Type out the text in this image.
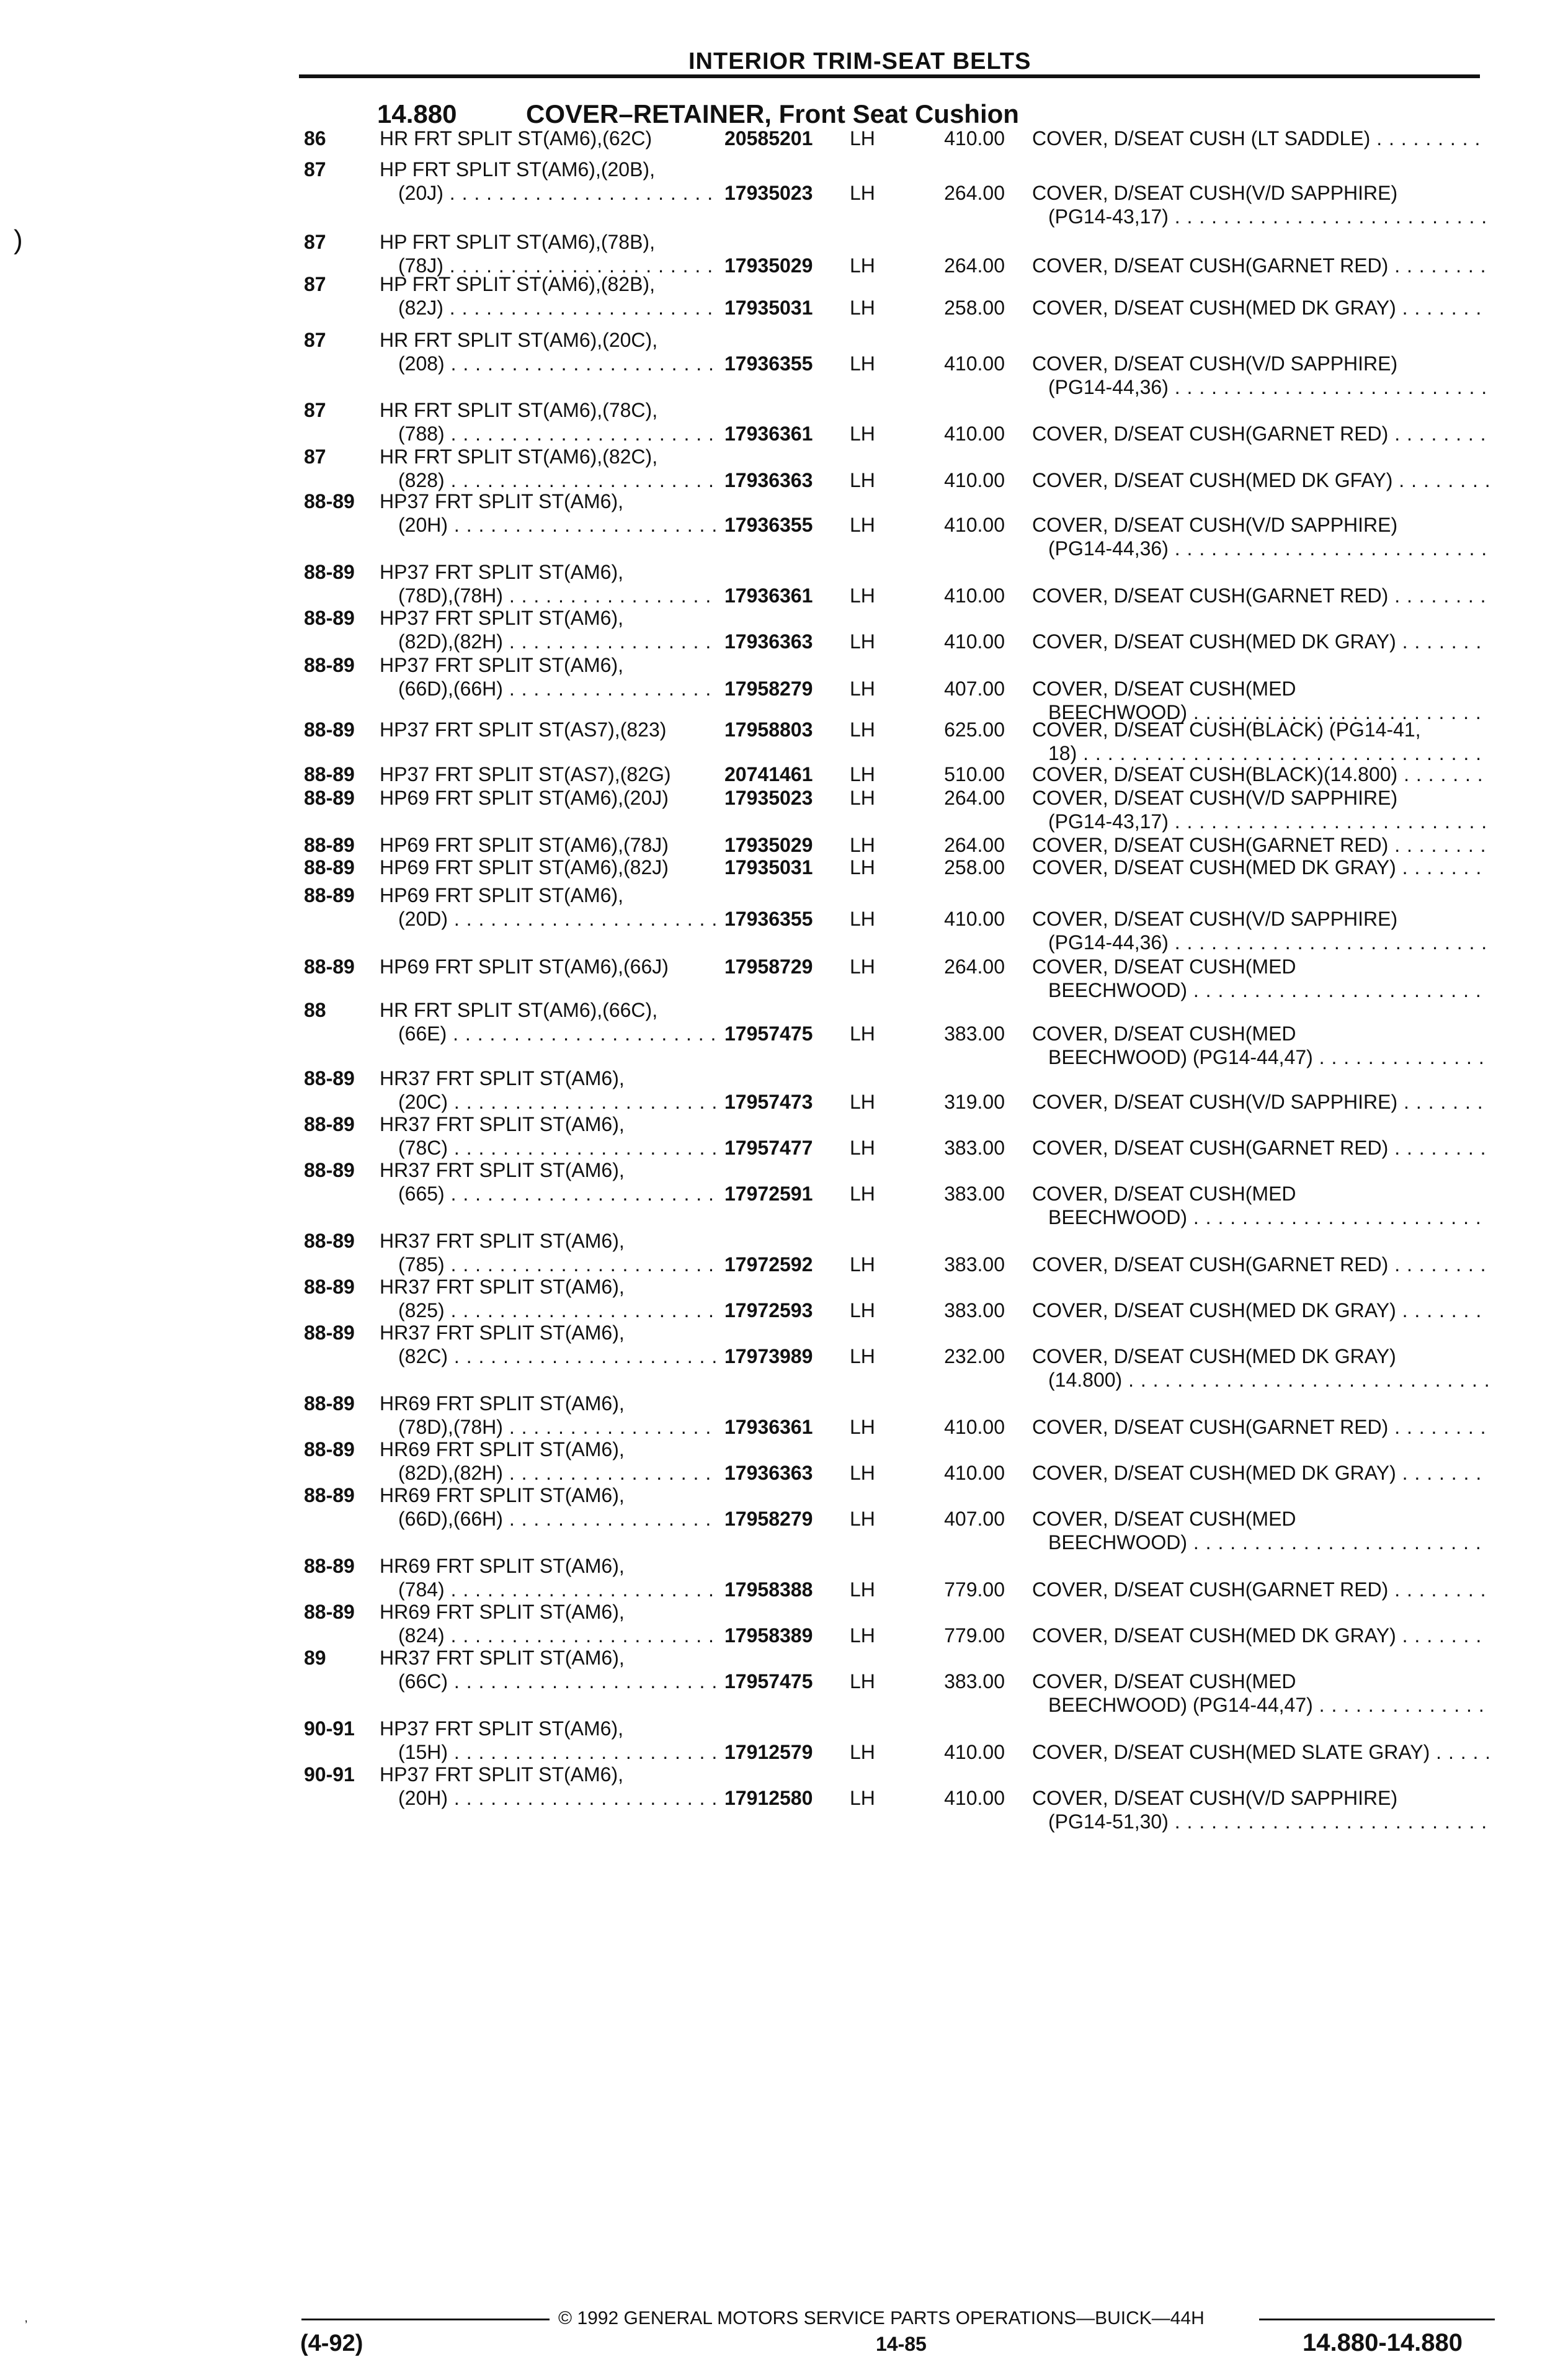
INTERIOR TRIM-SEAT BELTS
14.880	COVER–RETAINER, Front Seat Cushion
)
ʼ
86	HR FRT SPLIT ST(AM6),(62C)	20585201 LH	410.00 COVER, D/SEAT CUSH (LT SADDLE) . . .
87	HP FRT SPLIT ST(AM6),(20B),
(20J) . . .	17935023 LH	264.00 COVER, D/SEAT CUSH(V/D SAPPHIRE)
(PG14-43,17) . . .
87	HP FRT SPLIT ST(AM6),(78B),
(78J) . . .	17935029 LH	264.00 COVER, D/SEAT CUSH(GARNET RED) . . .
87	HP FRT SPLIT ST(AM6),(82B),
(82J) . . .	17935031 LH	258.00 COVER, D/SEAT CUSH(MED DK GRAY) . . .
87	HR FRT SPLIT ST(AM6),(20C),
(208) . . .	17936355 LH	410.00 COVER, D/SEAT CUSH(V/D SAPPHIRE)
(PG14-44,36) . . .
87	HR FRT SPLIT ST(AM6),(78C),
(788) . . .	17936361 LH	410.00 COVER, D/SEAT CUSH(GARNET RED) . . .
87	HR FRT SPLIT ST(AM6),(82C),
(828) . . .	17936363 LH	410.00 COVER, D/SEAT CUSH(MED DK GFAY) . . .
88-89 HP37 FRT SPLIT ST(AM6),
(20H) . . .	17936355 LH	410.00 COVER, D/SEAT CUSH(V/D SAPPHIRE)
(PG14-44,36) . . .
88-89 HP37 FRT SPLIT ST(AM6),
(78D),(78H) . . .	17936361 LH	410.00 COVER, D/SEAT CUSH(GARNET RED) . . .
88-89 HP37 FRT SPLIT ST(AM6),
(82D),(82H) . . .	17936363 LH	410.00 COVER, D/SEAT CUSH(MED DK GRAY) . . .
88-89 HP37 FRT SPLIT ST(AM6),
(66D),(66H) . . .	17958279 LH	407.00 COVER, D/SEAT CUSH(MED
BEECHWOOD) . . .
88-89 HP37 FRT SPLIT ST(AS7),(823)	17958803 LH	625.00 COVER, D/SEAT CUSH(BLACK) (PG14-41,
18) . . .
88-89 HP37 FRT SPLIT ST(AS7),(82G)	20741461 LH	510.00 COVER, D/SEAT CUSH(BLACK)(14.800) . . .
88-89 HP69 FRT SPLIT ST(AM6),(20J)	17935023 LH	264.00 COVER, D/SEAT CUSH(V/D SAPPHIRE)
(PG14-43,17) . . .
88-89 HP69 FRT SPLIT ST(AM6),(78J)	17935029 LH	264.00 COVER, D/SEAT CUSH(GARNET RED) . . .
88-89 HP69 FRT SPLIT ST(AM6),(82J)	17935031 LH	258.00 COVER, D/SEAT CUSH(MED DK GRAY) . . .
88-89 HP69 FRT SPLIT ST(AM6),
(20D) . . .	17936355 LH	410.00 COVER, D/SEAT CUSH(V/D SAPPHIRE)
(PG14-44,36) . . .
88-89 HP69 FRT SPLIT ST(AM6),(66J)	17958729 LH	264.00 COVER, D/SEAT CUSH(MED
BEECHWOOD) . . .
88	HR FRT SPLIT ST(AM6),(66C),
(66E) . . .	17957475 LH	383.00 COVER, D/SEAT CUSH(MED
BEECHWOOD) (PG14-44,47) . . .
88-89 HR37 FRT SPLIT ST(AM6),
(20C) . . .	17957473 LH	319.00 COVER, D/SEAT CUSH(V/D SAPPHIRE) . . .
88-89 HR37 FRT SPLIT ST(AM6),
(78C) . . .	17957477 LH	383.00 COVER, D/SEAT CUSH(GARNET RED) . . .
88-89 HR37 FRT SPLIT ST(AM6),
(665) . . .	17972591 LH	383.00 COVER, D/SEAT CUSH(MED
BEECHWOOD) . . .
88-89 HR37 FRT SPLIT ST(AM6),
(785) . . .	17972592 LH	383.00 COVER, D/SEAT CUSH(GARNET RED) . . .
88-89 HR37 FRT SPLIT ST(AM6),
(825) . . .	17972593 LH	383.00 COVER, D/SEAT CUSH(MED DK GRAY) . . .
88-89 HR37 FRT SPLIT ST(AM6),
(82C) . . .	17973989 LH	232.00 COVER, D/SEAT CUSH(MED DK GRAY)
(14.800) . . .
88-89 HR69 FRT SPLIT ST(AM6),
(78D),(78H) . . .	17936361 LH	410.00 COVER, D/SEAT CUSH(GARNET RED) . . .
88-89 HR69 FRT SPLIT ST(AM6),
(82D),(82H) . . .	17936363 LH	410.00 COVER, D/SEAT CUSH(MED DK GRAY) . . .
88-89 HR69 FRT SPLIT ST(AM6),
(66D),(66H) . . .	17958279 LH	407.00 COVER, D/SEAT CUSH(MED
BEECHWOOD) . . .
88-89 HR69 FRT SPLIT ST(AM6),
(784) . . .	17958388 LH	779.00 COVER, D/SEAT CUSH(GARNET RED) . . .
88-89 HR69 FRT SPLIT ST(AM6),
(824) . . .	17958389 LH	779.00 COVER, D/SEAT CUSH(MED DK GRAY) . . .
89	HR37 FRT SPLIT ST(AM6),
(66C) . . .	17957475 LH	383.00 COVER, D/SEAT CUSH(MED
BEECHWOOD) (PG14-44,47) . . .
90-91 HP37 FRT SPLIT ST(AM6),
(15H) . . .	17912579 LH	410.00 COVER, D/SEAT CUSH(MED SLATE GRAY) . . .
90-91 HP37 FRT SPLIT ST(AM6),
(20H) . . .	17912580 LH	410.00 COVER, D/SEAT CUSH(V/D SAPPHIRE)
(PG14-51,30) . . .
© 1992 GENERAL MOTORS SERVICE PARTS OPERATIONS—BUICK—44H
(4-92)	14-85	14.880-14.880
